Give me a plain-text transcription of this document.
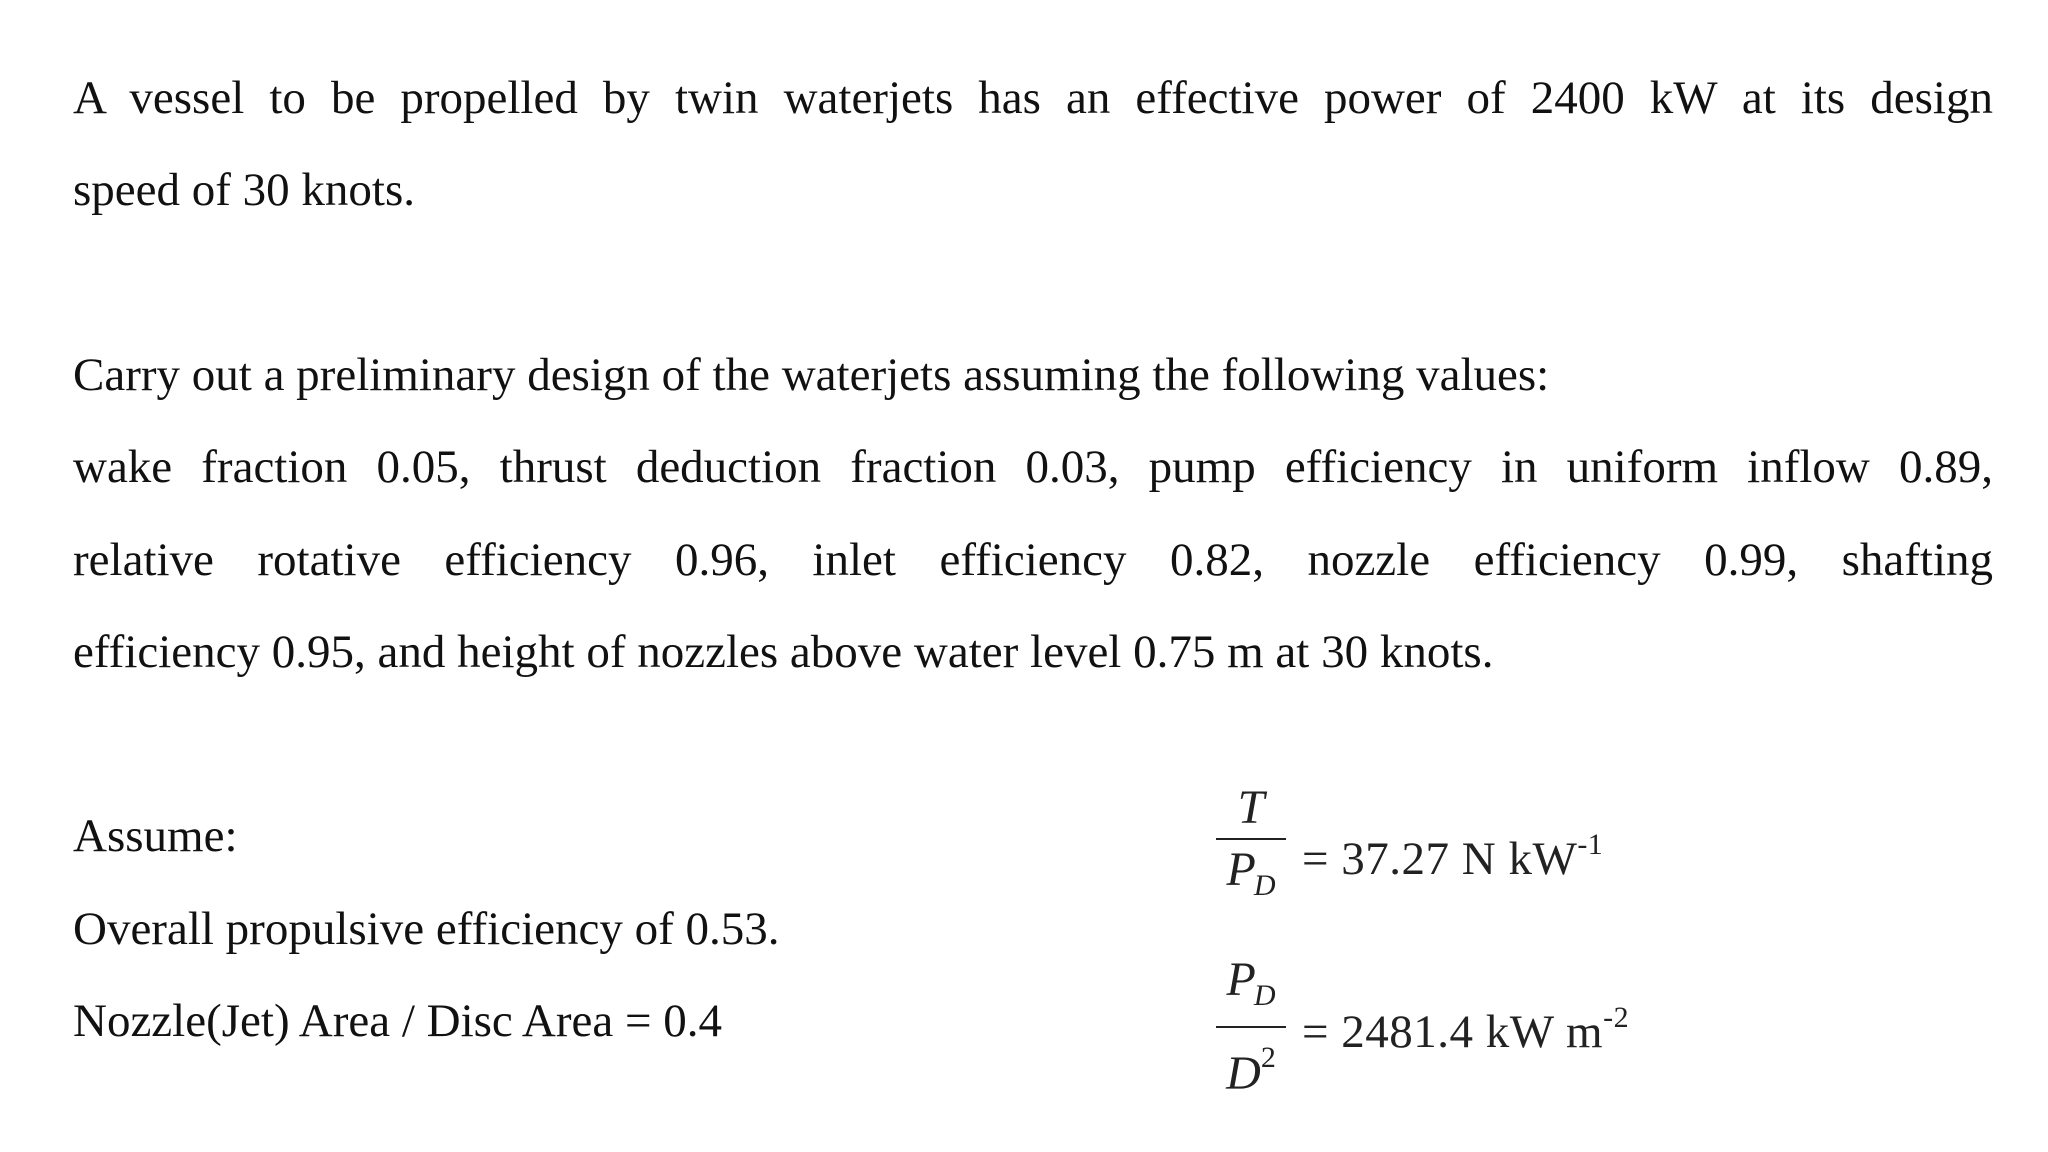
A vessel to be propelled by twin waterjets has an effective power of 2400 kW at its design
speed of 30 knots.
Carry out a preliminary design of the waterjets assuming the following values:
wake fraction 0.05, thrust deduction fraction 0.03, pump efficiency in uniform inflow 0.89,
relative rotative efficiency 0.96, inlet efficiency 0.82, nozzle efficiency 0.99, shafting
efficiency 0.95, and height of nozzles above water level 0.75 m at 30 knots.
Assume:
Overall propulsive efficiency of 0.53.
Nozzle(Jet) Area / Disc Area = 0.4
T
$P_D$
= 37.27 N $kW^{-1}$
$P_D$
$D^2 = 2481.4$ kW $m^{-2}$
